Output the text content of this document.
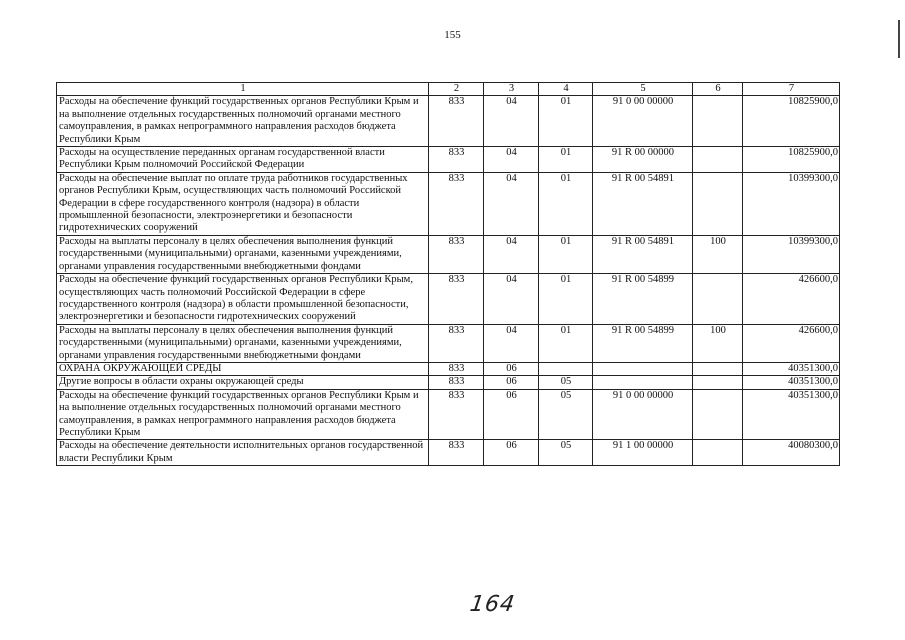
155
1	2	3	4	5	6	7
Расходы на обеспечение функций государственных органов Республики Крым и на выполнение отдельных государственных полномочий органами местного самоуправления, в рамках непрограммного направления расходов бюджета Республики Крым	833	04	01	91 0 00 00000		10825900,0
Расходы на осуществление переданных органам государственной власти Республики Крым полномочий Российской Федерации	833	04	01	91 R 00 00000		10825900,0
Расходы на обеспечение выплат по оплате труда работников государственных органов Республики Крым, осуществляющих часть полномочий Российской Федерации в сфере государственного контроля (надзора) в области промышленной безопасности, электроэнергетики и безопасности гидротехнических сооружений	833	04	01	91 R 00 54891		10399300,0
Расходы на выплаты персоналу в целях обеспечения выполнения функций государственными (муниципальными) органами, казенными учреждениями, органами управления государственными внебюджетными фондами	833	04	01	91 R 00 54891	100	10399300,0
Расходы на обеспечение функций государственных органов Республики Крым, осуществляющих часть полномочий Российской Федерации в сфере государственного контроля (надзора) в области промышленной безопасности, электроэнергетики и безопасности гидротехнических сооружений	833	04	01	91 R 00 54899		426600,0
Расходы на выплаты персоналу в целях обеспечения выполнения функций государственными (муниципальными) органами, казенными учреждениями, органами управления государственными внебюджетными фондами	833	04	01	91 R 00 54899	100	426600,0
ОХРАНА ОКРУЖАЮЩЕЙ СРЕДЫ	833	06				40351300,0
Другие вопросы в области охраны окружающей среды	833	06	05			40351300,0
Расходы на обеспечение функций государственных органов Республики Крым и на выполнение отдельных государственных полномочий органами местного самоуправления, в рамках непрограммного направления расходов бюджета Республики Крым	833	06	05	91 0 00 00000		40351300,0
Расходы на обеспечение деятельности исполнительных органов государственной власти Республики Крым	833	06	05	91 1 00 00000		40080300,0
164
